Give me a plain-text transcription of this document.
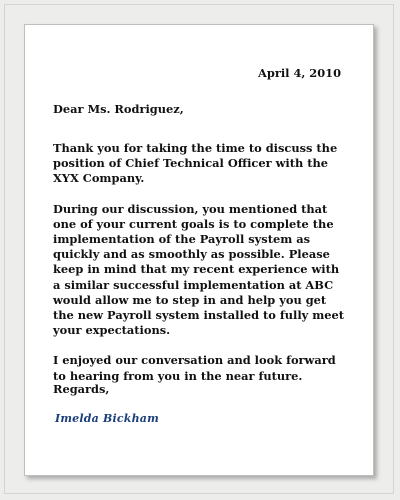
April 4, 2010
Dear Ms. Rodriguez,

Thank you for taking the time to discuss the position of Chief Technical Officer with the XYX Company.

During our discussion, you mentioned that one of your current goals is to complete the implementation of the Payroll system as quickly and as smoothly as possible. Please keep in mind that my recent experience with a similar successful implementation at ABC would allow me to step in and help you get the new Payroll system installed to fully meet your expectations.

I enjoyed our conversation and look forward to hearing from you in the near future.

Regards,
Imelda Bickham
